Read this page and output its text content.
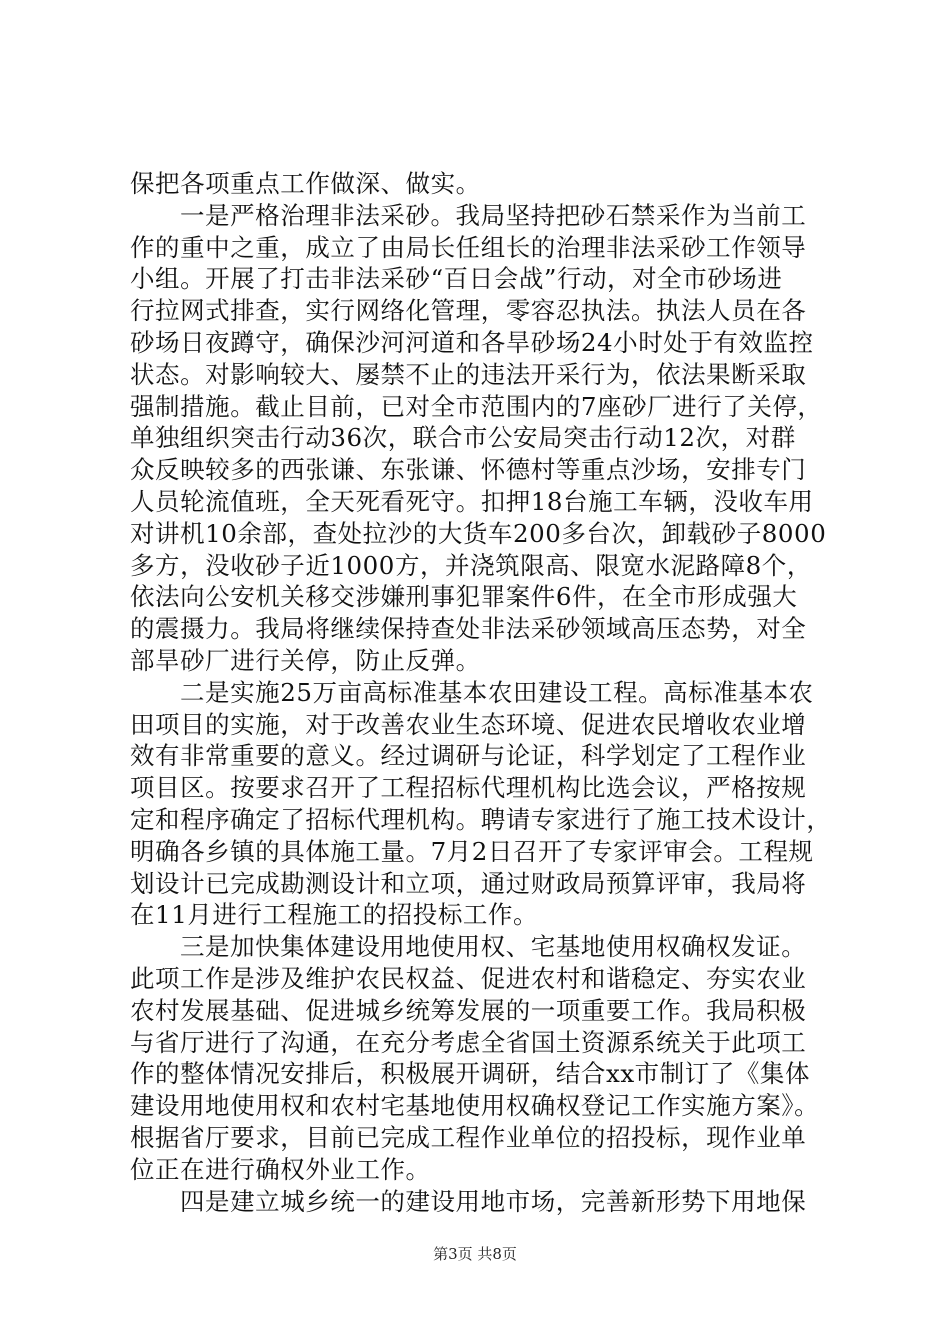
保把各项重点工作做深、做实。
一是严格治理非法采砂。我局坚持把砂石禁采作为当前工
作的重中之重，成立了由局长任组长的治理非法采砂工作领导
小组。开展了打击非法采砂“百日会战”行动，对全市砂场进
行拉网式排查，实行网络化管理，零容忍执法。执法人员在各
砂场日夜蹲守，确保沙河河道和各旱砂场24小时处于有效监控
状态。对影响较大、屡禁不止的违法开采行为，依法果断采取
强制措施。截止目前，已对全市范围内的7座砂厂进行了关停，
单独组织突击行动36次，联合市公安局突击行动12次，对群
众反映较多的西张谦、东张谦、怀德村等重点沙场，安排专门
人员轮流值班，全天死看死守。扣押18台施工车辆，没收车用
对讲机10余部，查处拉沙的大货车200多台次，卸载砂子8000
多方，没收砂子近1000方，并浇筑限高、限宽水泥路障8个，
依法向公安机关移交涉嫌刑事犯罪案件6件，在全市形成强大
的震摄力。我局将继续保持查处非法采砂领域高压态势，对全
部旱砂厂进行关停，防止反弹。
二是实施25万亩高标准基本农田建设工程。高标准基本农
田项目的实施，对于改善农业生态环境、促进农民增收农业增
效有非常重要的意义。经过调研与论证，科学划定了工程作业
项目区。按要求召开了工程招标代理机构比选会议，严格按规
定和程序确定了招标代理机构。聘请专家进行了施工技术设计，
明确各乡镇的具体施工量。7月2日召开了专家评审会。工程规
划设计已完成勘测设计和立项，通过财政局预算评审，我局将
在11月进行工程施工的招投标工作。
三是加快集体建设用地使用权、宅基地使用权确权发证。
此项工作是涉及维护农民权益、促进农村和谐稳定、夯实农业
农村发展基础、促进城乡统筹发展的一项重要工作。我局积极
与省厅进行了沟通，在充分考虑全省国土资源系统关于此项工
作的整体情况安排后，积极展开调研，结合xx市制订了《集体
建设用地使用权和农村宅基地使用权确权登记工作实施方案》。
根据省厅要求，目前已完成工程作业单位的招投标，现作业单
位正在进行确权外业工作。
四是建立城乡统一的建设用地市场，完善新形势下用地保
第3页 共8页
